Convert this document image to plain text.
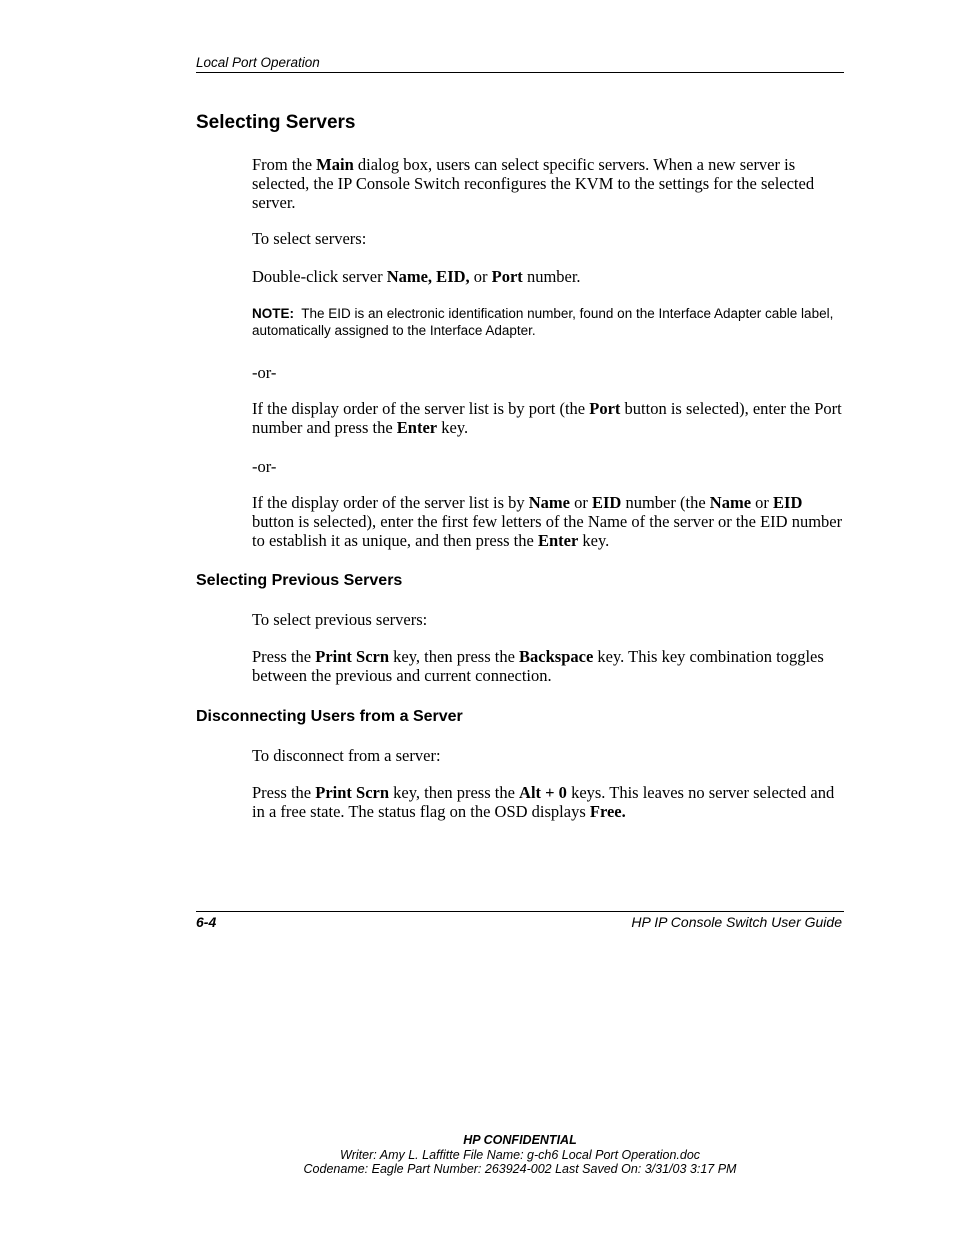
Local Port Operation
Selecting Servers

From the Main dialog box, users can select specific servers. When a new server is selected, the IP Console Switch reconfigures the KVM to the settings for the selected server.

To select servers:

Double-click server Name, EID, or Port number.

NOTE:  The EID is an electronic identification number, found on the Interface Adapter cable label, automatically assigned to the Interface Adapter.

-or-

If the display order of the server list is by port (the Port button is selected), enter the Port number and press the Enter key.

-or-

If the display order of the server list is by Name or EID number (the Name or EID button is selected), enter the first few letters of the Name of the server or the EID number to establish it as unique, and then press the Enter key.

Selecting Previous Servers

To select previous servers:

Press the Print Scrn key, then press the Backspace key. This key combination toggles between the previous and current connection.

Disconnecting Users from a Server

To disconnect from a server:

Press the Print Scrn key, then press the Alt + 0 keys. This leaves no server selected and in a free state. The status flag on the OSD displays Free.

6-4	HP IP Console Switch User Guide
HP CONFIDENTIAL
Writer: Amy L. Laffitte File Name: g-ch6 Local Port Operation.doc
Codename: Eagle Part Number: 263924-002 Last Saved On: 3/31/03 3:17 PM
